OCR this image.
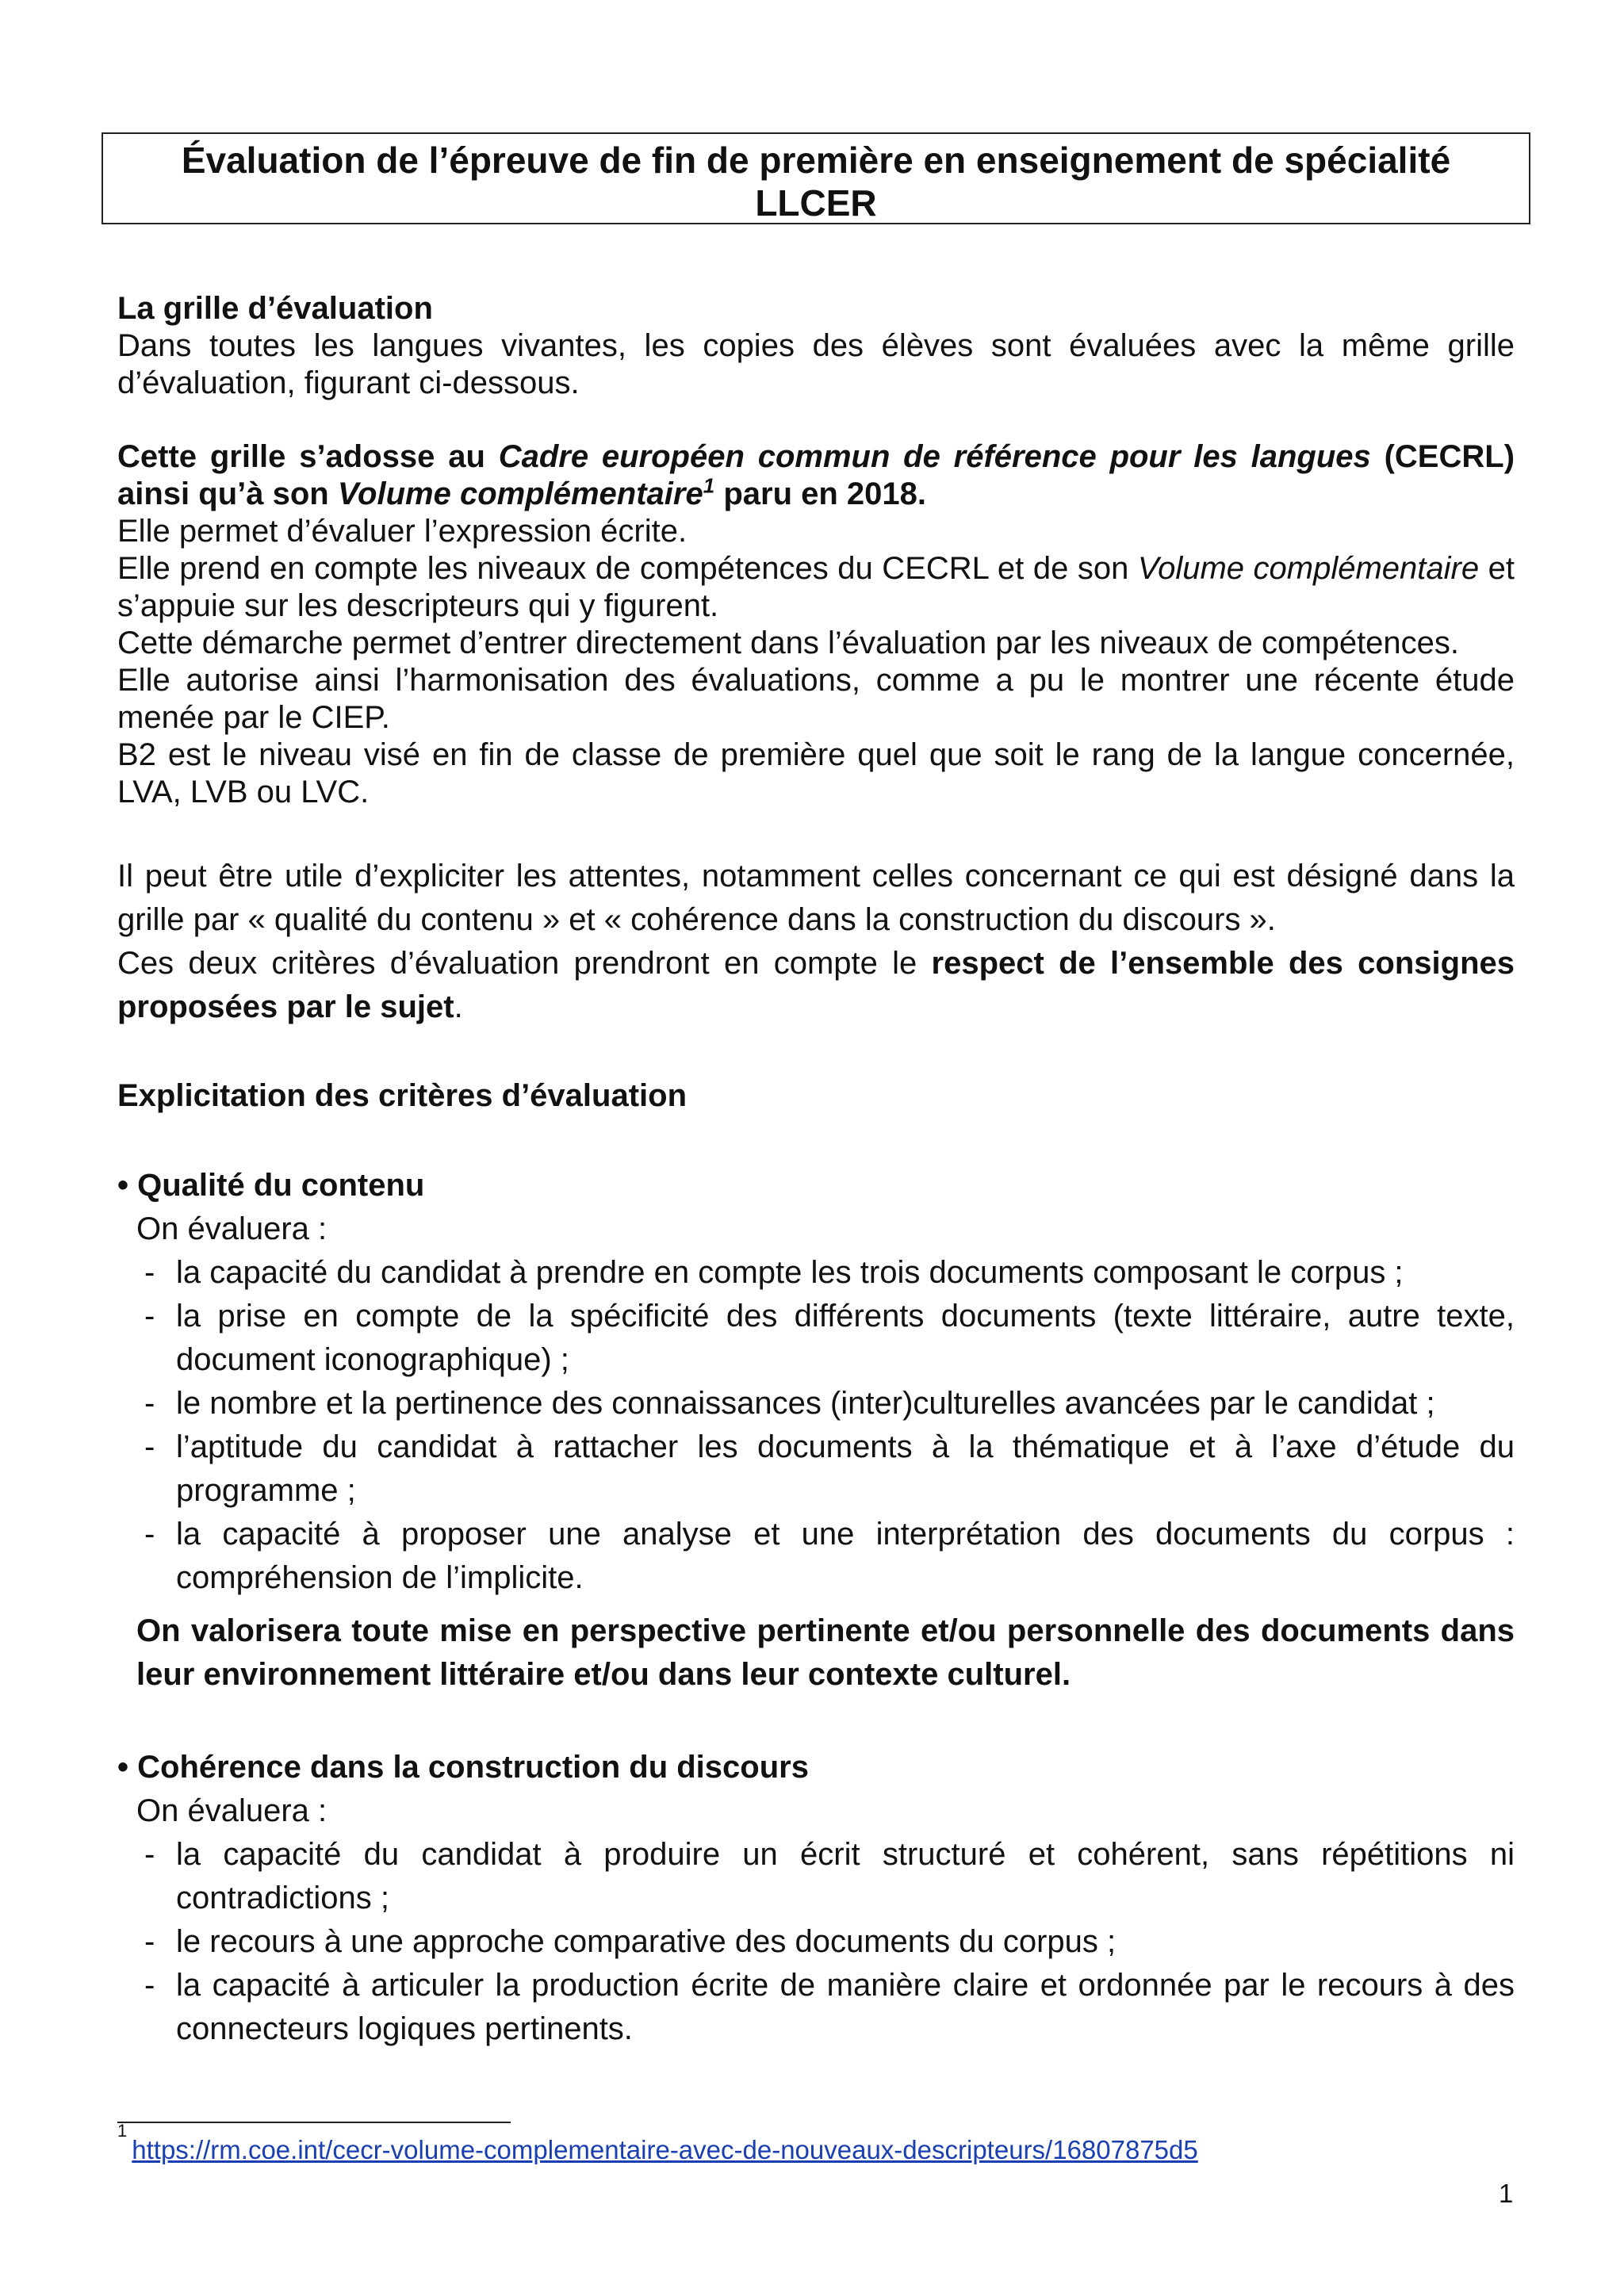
Évaluation de l’épreuve de fin de première en enseignement de spécialité
LLCER

La grille d’évaluation

Dans toutes les langues vivantes, les copies des élèves sont évaluées avec la même grille d’évaluation, figurant ci-dessous.

Cette grille s’adosse au Cadre européen commun de référence pour les langues (CECRL) ainsi qu’à son Volume complémentaire$^1$ paru en 2018.

Elle permet d’évaluer l’expression écrite.

Elle prend en compte les niveaux de compétences du CECRL et de son Volume complémentaire et s’appuie sur les descripteurs qui y figurent.

Cette démarche permet d’entrer directement dans l’évaluation par les niveaux de compétences.

Elle autorise ainsi l’harmonisation des évaluations, comme a pu le montrer une récente étude menée par le CIEP.

B2 est le niveau visé en fin de classe de première quel que soit le rang de la langue concernée, LVA, LVB ou LVC.

Il peut être utile d’expliciter les attentes, notamment celles concernant ce qui est désigné dans la grille par « qualité du contenu » et « cohérence dans la construction du discours ».

Ces deux critères d’évaluation prendront en compte le respect de l’ensemble des consignes proposées par le sujet.

Explicitation des critères d’évaluation

• Qualité du contenu

On évaluera :

- la capacité du candidat à prendre en compte les trois documents composant le corpus ;
- la prise en compte de la spécificité des différents documents (texte littéraire, autre texte, document iconographique) ;
- le nombre et la pertinence des connaissances (inter)culturelles avancées par le candidat ;
- l’aptitude du candidat à rattacher les documents à la thématique et à l’axe d’étude du programme ;
- la capacité à proposer une analyse et une interprétation des documents du corpus : compréhension de l’implicite.

On valorisera toute mise en perspective pertinente et/ou personnelle des documents dans leur environnement littéraire et/ou dans leur contexte culturel.

• Cohérence dans la construction du discours

On évaluera :

- la capacité du candidat à produire un écrit structuré et cohérent, sans répétitions ni contradictions ;
- le recours à une approche comparative des documents du corpus ;
- la capacité à articuler la production écrite de manière claire et ordonnée par le recours à des connecteurs logiques pertinents.
$^1$https://rm.coe.int/cecr-volume-complementaire-avec-de-nouveaux-descripteurs/16807875d5
1
